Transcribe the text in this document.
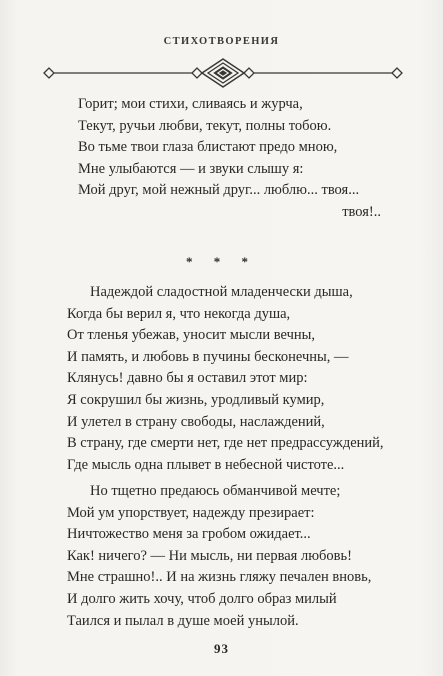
СТИХОТВОРЕНИЯ
Горит; мои стихи, сливаясь и журча,
Текут, ручьи любви, текут, полны тобою.
Во тьме твои глаза блистают предо мною,
Мне улыбаются — и звуки слышу я:
Мой друг, мой нежный друг... люблю... твоя...
твоя!..
* * *
Надеждой сладостной младенчески дыша,
Когда бы верил я, что некогда душа,
От тленья убежав, уносит мысли вечны,
И память, и любовь в пучины бесконечны, —
Клянусь! давно бы я оставил этот мир:
Я сокрушил бы жизнь, уродливый кумир,
И улетел в страну свободы, наслаждений,
В страну, где смерти нет, где нет предрассуждений,
Где мысль одна плывет в небесной чистоте...
Но тщетно предаюсь обманчивой мечте;
Мой ум упорствует, надежду презирает:
Ничтожество меня за гробом ожидает...
Как! ничего? — Ни мысль, ни первая любовь!
Мне страшно!.. И на жизнь гляжу печален вновь,
И долго жить хочу, чтоб долго образ милый
Таился и пылал в душе моей унылой.
93
